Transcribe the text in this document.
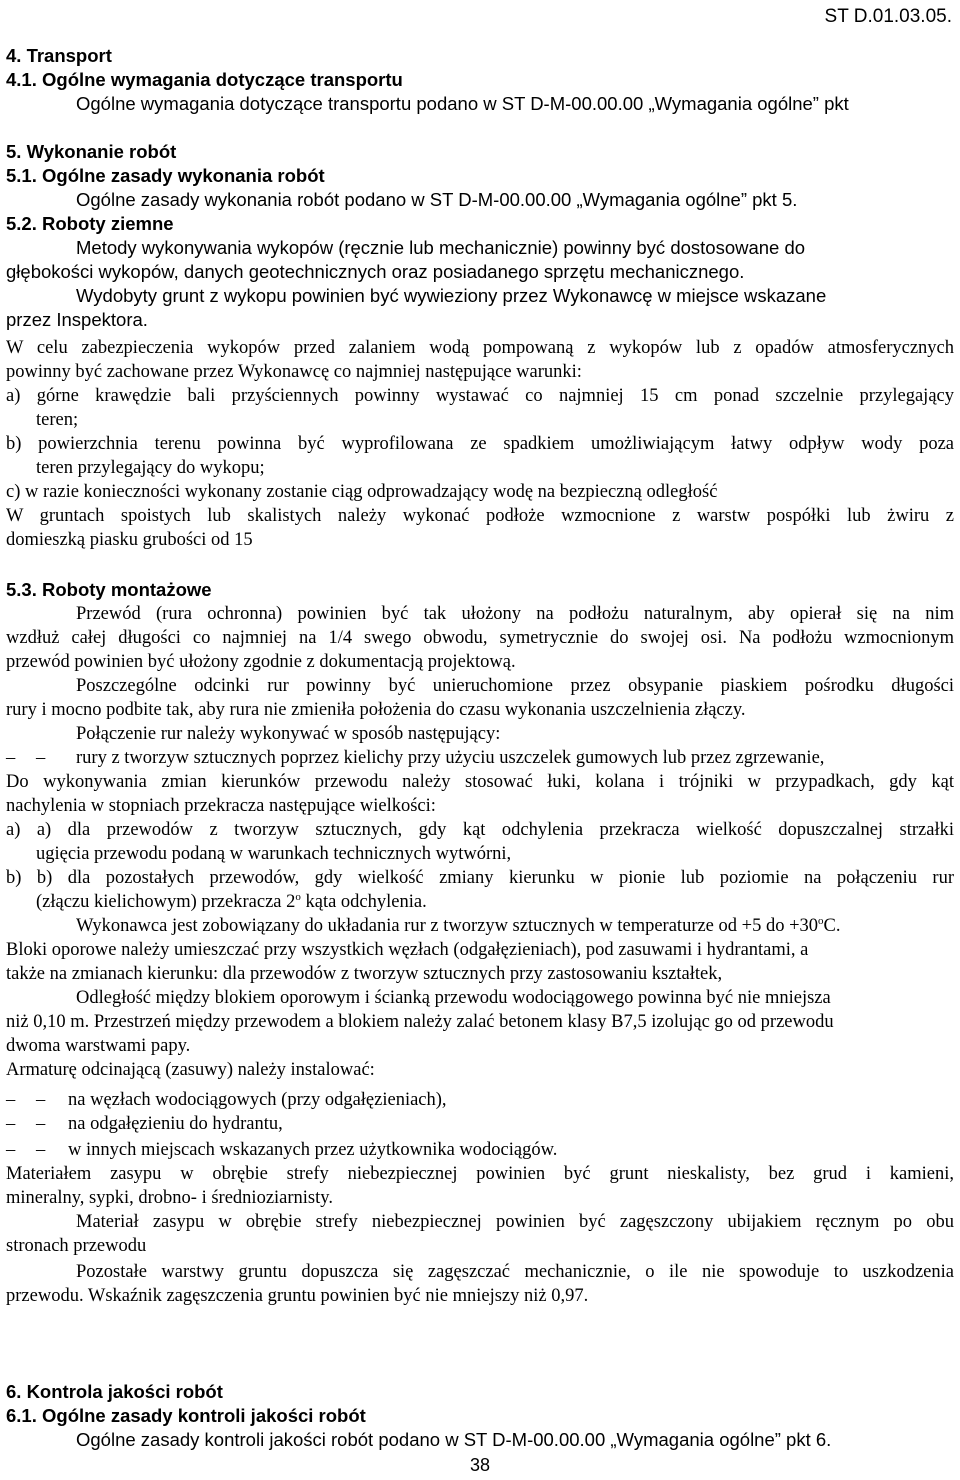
ST D.01.03.05.
4. Transport
4.1. Ogólne wymagania dotyczące transportu
Ogólne wymagania dotyczące transportu podano w ST D-M-00.00.00 „Wymagania ogólne” pkt
5. Wykonanie robót
5.1. Ogólne zasady wykonania robót
Ogólne zasady wykonania robót podano w ST D-M-00.00.00 „Wymagania ogólne” pkt 5.
5.2. Roboty ziemne
Metody wykonywania wykopów (ręcznie lub mechanicznie) powinny być dostosowane do
głębokości wykopów, danych geotechnicznych oraz posiadanego sprzętu mechanicznego.
Wydobyty grunt z wykopu powinien być wywieziony przez Wykonawcę w miejsce wskazane
przez Inspektora.
W celu zabezpieczenia wykopów przed zalaniem wodą pompowaną z wykopów lub z opadów atmosferycznych
powinny być zachowane przez Wykonawcę co najmniej następujące warunki:
a) górne krawędzie bali przyściennych powinny wystawać co najmniej 15 cm ponad szczelnie przylegający
teren;
b) powierzchnia terenu powinna być wyprofilowana ze spadkiem umożliwiającym łatwy odpływ wody poza
teren przylegający do wykopu;
c) w razie konieczności wykonany zostanie ciąg odprowadzający wodę na bezpieczną odległość
W gruntach spoistych lub skalistych należy wykonać podłoże wzmocnione z warstw pospółki lub żwiru z
domieszką piasku grubości od 15
5.3. Roboty montażowe
Przewód (rura ochronna) powinien być tak ułożony na podłożu naturalnym, aby opierał się na nim
wzdłuż całej długości co najmniej na 1/4 swego obwodu, symetrycznie do swojej osi. Na podłożu wzmocnionym
przewód powinien być ułożony zgodnie z dokumentacją projektową.
Poszczególne odcinki rur powinny być unieruchomione przez obsypanie piaskiem pośrodku długości
rury i mocno podbite tak, aby rura nie zmieniła położenia do czasu wykonania uszczelnienia złączy.
Połączenie rur należy wykonywać w sposób następujący:
– – rury z tworzyw sztucznych poprzez kielichy przy użyciu uszczelek gumowych lub przez zgrzewanie,
Do wykonywania zmian kierunków przewodu należy stosować łuki, kolana i trójniki w przypadkach, gdy kąt
nachylenia w stopniach przekracza następujące wielkości:
a) a) dla przewodów z tworzyw sztucznych, gdy kąt odchylenia przekracza wielkość dopuszczalnej strzałki
ugięcia przewodu podaną w warunkach technicznych wytwórni,
b) b) dla pozostałych przewodów, gdy wielkość zmiany kierunku w pionie lub poziomie na połączeniu rur
(złączu kielichowym) przekracza 2$^o$ kąta odchylenia.
Wykonawca jest zobowiązany do układania rur z tworzyw sztucznych w temperaturze od +5 do $+30^oC$.
Bloki oporowe należy umieszczać przy wszystkich węzłach (odgałęzieniach), pod zasuwami i hydrantami, a
także na zmianach kierunku: dla przewodów z tworzyw sztucznych przy zastosowaniu kształtek,
Odległość między blokiem oporowym i ścianką przewodu wodociągowego powinna być nie mniejsza
niż 0,10 m. Przestrzeń między przewodem a blokiem należy zalać betonem klasy B7,5 izolując go od przewodu
dwoma warstwami papy.
Armaturę odcinającą (zasuwy) należy instalować:
– – na węzłach wodociągowych (przy odgałęzieniach),
– – na odgałęzieniu do hydrantu,
– – w innych miejscach wskazanych przez użytkownika wodociągów.
Materiałem zasypu w obrębie strefy niebezpiecznej powinien być grunt nieskalisty, bez grud i kamieni,
mineralny, sypki, drobno- i średnioziarnisty.
Materiał zasypu w obrębie strefy niebezpiecznej powinien być zagęszczony ubijakiem ręcznym po obu
stronach przewodu
Pozostałe warstwy gruntu dopuszcza się zagęszczać mechanicznie, o ile nie spowoduje to uszkodzenia
przewodu. Wskaźnik zagęszczenia gruntu powinien być nie mniejszy niż 0,97.
6. Kontrola jakości robót
6.1. Ogólne zasady kontroli jakości robót
Ogólne zasady kontroli jakości robót podano w ST D-M-00.00.00 „Wymagania ogólne” pkt 6.
38
